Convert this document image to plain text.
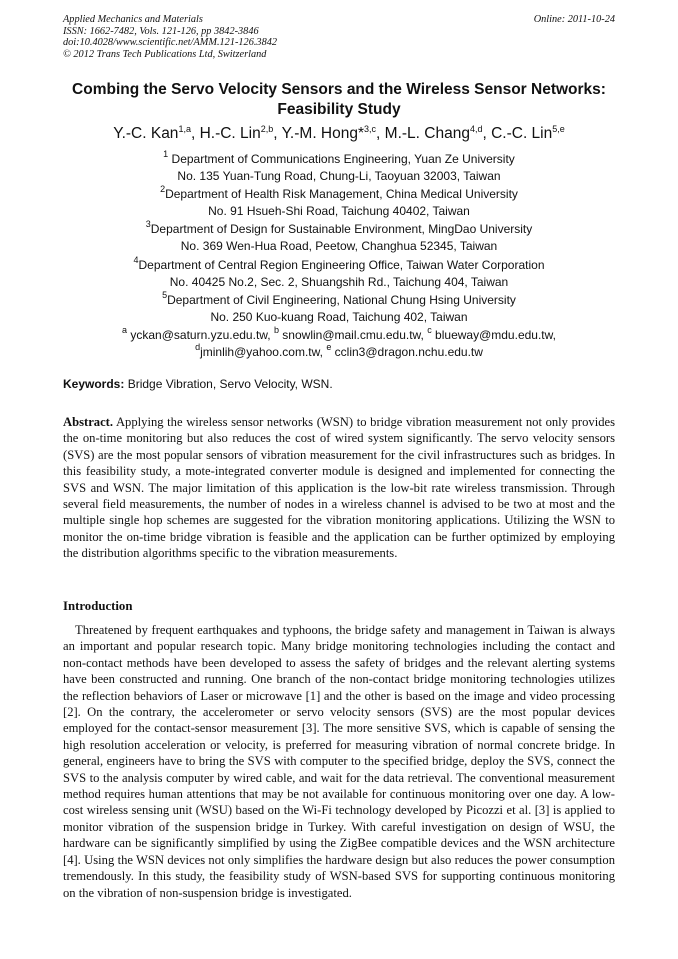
Applied Mechanics and Materials
ISSN: 1662-7482, Vols. 121-126, pp 3842-3846
doi:10.4028/www.scientific.net/AMM.121-126.3842
© 2012 Trans Tech Publications Ltd, Switzerland
Online: 2011-10-24
Combing the Servo Velocity Sensors and the Wireless Sensor Networks: Feasibility Study
Y.-C. Kan$^{1,a}$, H.-C. Lin$^{2,b}$, Y.-M. Hong*$^{3,c}$, M.-L. Chang$^{4,d}$, C.-C. Lin$^{5,e}$
$^1$ Department of Communications Engineering, Yuan Ze University
No. 135 Yuan-Tung Road, Chung-Li, Taoyuan 32003, Taiwan
$^2$Department of Health Risk Management, China Medical University
No. 91 Hsueh-Shi Road, Taichung 40402, Taiwan
$^3$Department of Design for Sustainable Environment, MingDao University
No. 369 Wen-Hua Road, Peetow, Changhua 52345, Taiwan
$^4$Department of Central Region Engineering Office, Taiwan Water Corporation
No. 40425 No.2, Sec. 2, Shuangshih Rd., Taichung 404, Taiwan
$^5$Department of Civil Engineering, National Chung Hsing University
No. 250 Kuo-kuang Road, Taichung 402, Taiwan
$^a$ yckan@saturn.yzu.edu.tw, $^b$ snowlin@mail.cmu.edu.tw, $^c$ blueway@mdu.edu.tw,
$^d$jminlih@yahoo.com.tw, $^e$ cclin3@dragon.nchu.edu.tw
Keywords: Bridge Vibration, Servo Velocity, WSN.
Abstract. Applying the wireless sensor networks (WSN) to bridge vibration measurement not only provides the on-time monitoring but also reduces the cost of wired system significantly. The servo velocity sensors (SVS) are the most popular sensors of vibration measurement for the civil infrastructures such as bridges. In this feasibility study, a mote-integrated converter module is designed and implemented for connecting the SVS and WSN. The major limitation of this application is the low-bit rate wireless transmission. Through several field measurements, the number of nodes in a wireless channel is advised to be two at most and the multiple single hop schemes are suggested for the vibration monitoring applications. Utilizing the WSN to monitor the on-time bridge vibration is feasible and the application can be further optimized by employing the distribution algorithms specific to the vibration measurements.
Introduction
Threatened by frequent earthquakes and typhoons, the bridge safety and management in Taiwan is always an important and popular research topic. Many bridge monitoring technologies including the contact and non-contact methods have been developed to assess the safety of bridges and the relevant alerting systems have been constructed and running. One branch of the non-contact bridge monitoring technologies utilizes the reflection behaviors of Laser or microwave [1] and the other is based on the image and video processing [2]. On the contrary, the accelerometer or servo velocity sensors (SVS) are the most popular devices employed for the contact-sensor measurement [3]. The more sensitive SVS, which is capable of sensing the high resolution acceleration or velocity, is preferred for measuring vibration of normal concrete bridge. In general, engineers have to bring the SVS with computer to the specified bridge, deploy the SVS, connect the SVS to the analysis computer by wired cable, and wait for the data retrieval. The conventional measurement method requires human attentions that may be not available for continuous monitoring over one day. A low-cost wireless sensing unit (WSU) based on the Wi-Fi technology developed by Picozzi et al. [3] is applied to monitor vibration of the suspension bridge in Turkey. With careful investigation on design of WSU, the hardware can be significantly simplified by using the ZigBee compatible devices and the WSN architecture [4]. Using the WSN devices not only simplifies the hardware design but also reduces the power consumption tremendously. In this study, the feasibility study of WSN-based SVS for supporting continuous monitoring on the vibration of non-suspension bridge is investigated.
